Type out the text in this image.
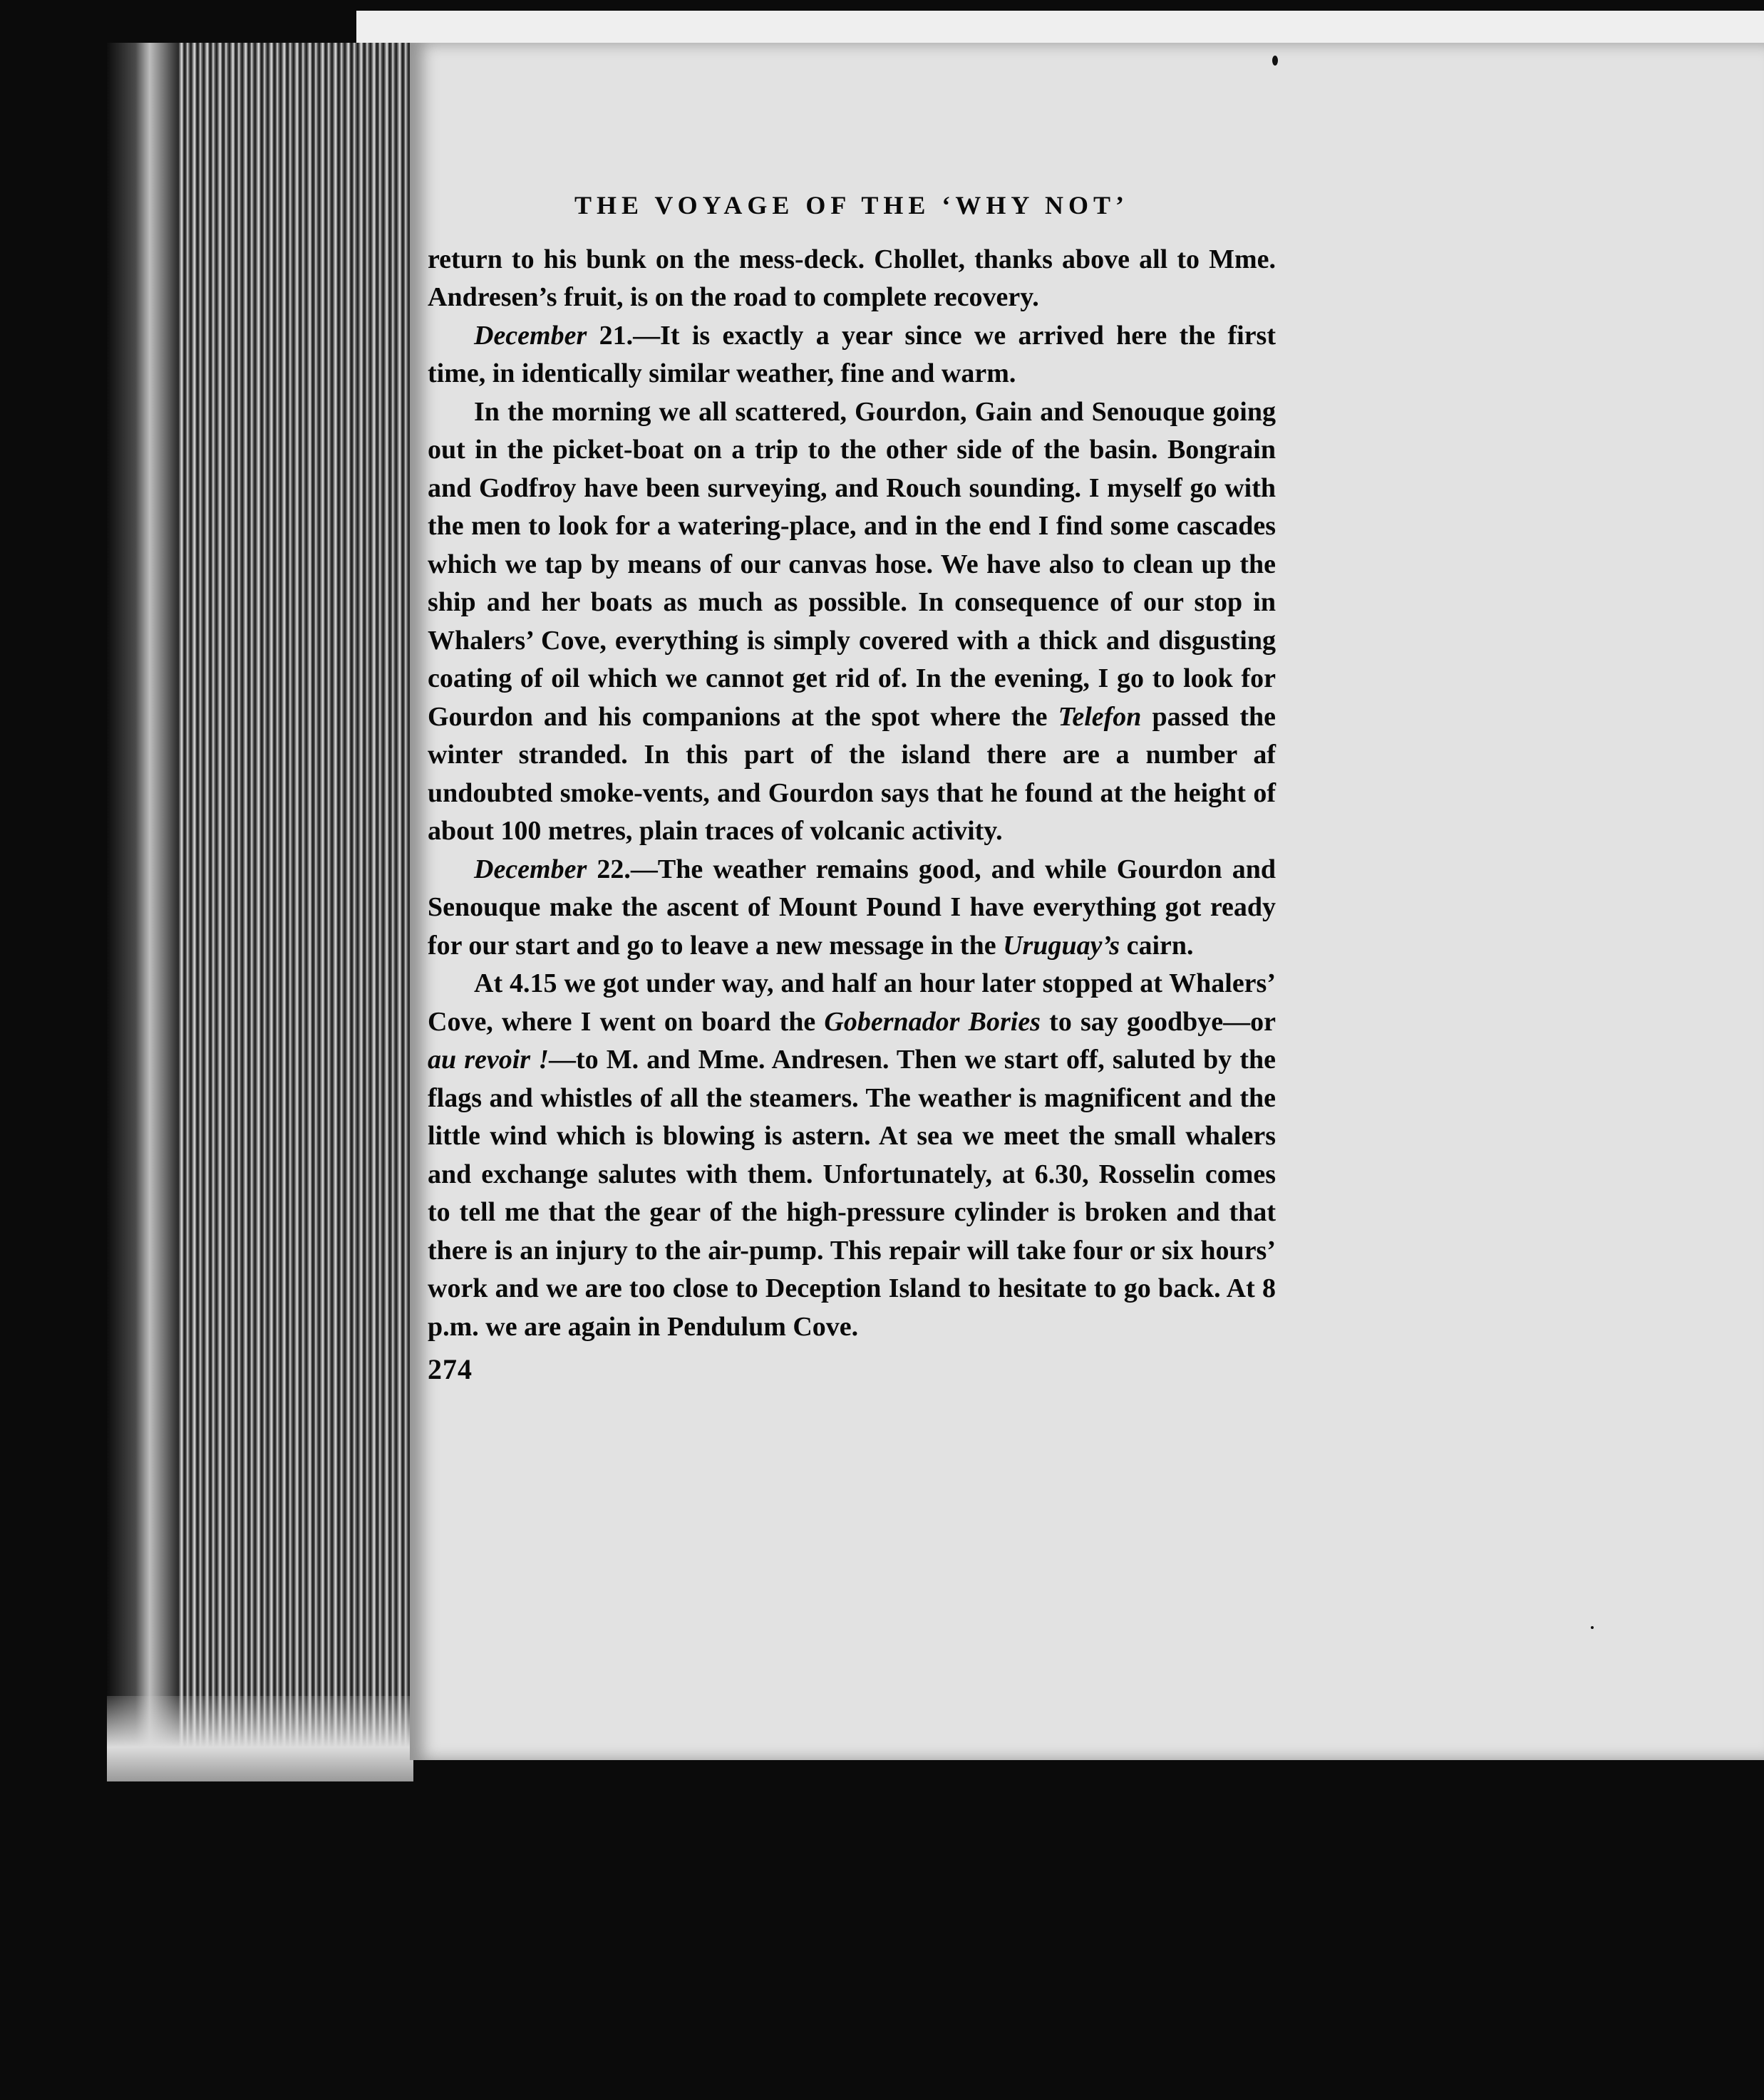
THE VOYAGE OF THE ‘WHY NOT’

return to his bunk on the mess-deck. Chollet, thanks above all to Mme. Andresen’s fruit, is on the road to complete recovery.

December 21.—It is exactly a year since we arrived here the first time, in identically similar weather, fine and warm.

In the morning we all scattered, Gourdon, Gain and Senouque going out in the picket-boat on a trip to the other side of the basin. Bongrain and Godfroy have been surveying, and Rouch sounding. I myself go with the men to look for a watering-place, and in the end I find some cascades which we tap by means of our canvas hose. We have also to clean up the ship and her boats as much as possible. In consequence of our stop in Whalers’ Cove, everything is simply covered with a thick and disgusting coating of oil which we cannot get rid of. In the evening, I go to look for Gourdon and his companions at the spot where the Telefon passed the winter stranded. In this part of the island there are a number af undoubted smoke-vents, and Gourdon says that he found at the height of about 100 metres, plain traces of volcanic activity.

December 22.—The weather remains good, and while Gourdon and Senouque make the ascent of Mount Pound I have everything got ready for our start and go to leave a new message in the Uruguay’s cairn.

At 4.15 we got under way, and half an hour later stopped at Whalers’ Cove, where I went on board the Gobernador Bories to say goodbye—or au revoir !—to M. and Mme. Andresen. Then we start off, saluted by the flags and whistles of all the steamers. The weather is magnificent and the little wind which is blowing is astern. At sea we meet the small whalers and exchange salutes with them. Unfortunately, at 6.30, Rosselin comes to tell me that the gear of the high-pressure cylinder is broken and that there is an injury to the air-pump. This repair will take four or six hours’ work and we are too close to Deception Island to hesitate to go back. At 8 p.m. we are again in Pendulum Cove.

274
